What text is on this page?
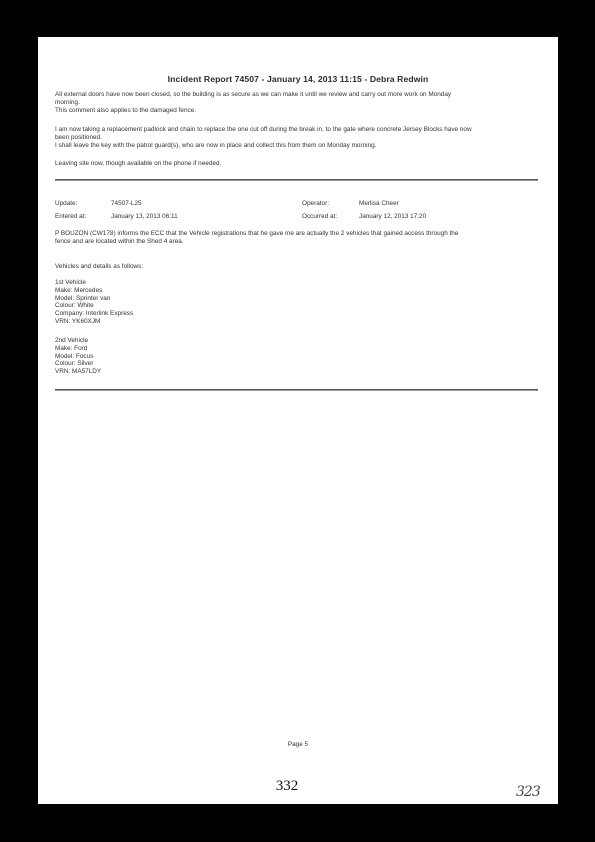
Incident Report 74507 - January 14, 2013 11:15 - Debra Redwin
All external doors have now been closed, so the building is as secure as we can make it until we review and carry out more work on Monday
morning.
This comment also applies to the damaged fence.
I am now taking a replacement padlock and chain to replace the one cut off during the break in, to the gate where concrete Jersey Blocks have now
been positioned.
I shall leave the key with the patrol guard(s), who are now in place and collect this from them on Monday morning.
Leaving site now, though available on the phone if needed.
Update:	74507-L25	Operator:	Merlisa Cheer
Entered at:	January 13, 2013 06:11	Occurred at:	January 12, 2013 17:20
P BOUZON (CW178) informs the ECC that the Vehicle registrations that he gave me are actually the 2 vehicles that gained access through the
fence and are located within the Shed 4 area.
Vehicles and details as follows:
1st Vehicle
Make: Mercedes
Model: Sprinter van
Colour: White
Company: Interlink Express
VRN: YK60XJM
2nd Vehicle
Make: Ford
Model: Focus
Colour: Silver
VRN: MA57LDY
Page 5
332	323
